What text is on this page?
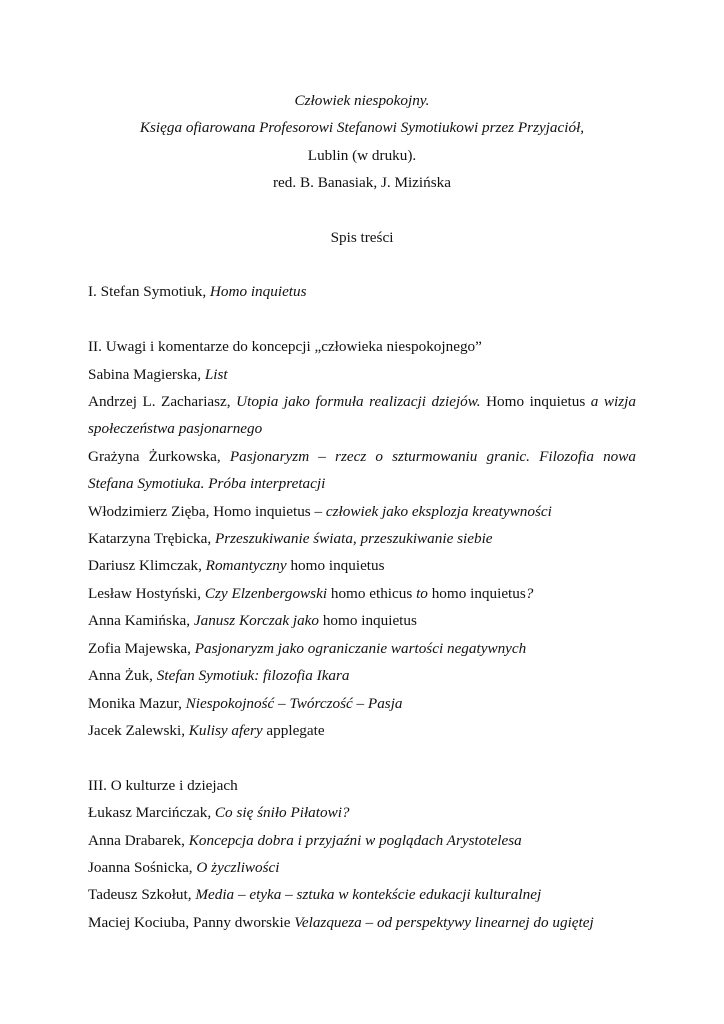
Człowiek niespokojny.
Księga ofiarowana Profesorowi Stefanowi Symotiukowi przez Przyjaciół,
Lublin (w druku).
red. B. Banasiak, J. Mizińska
Spis treści
I. Stefan Symotiuk, Homo inquietus
II. Uwagi i komentarze do koncepcji „człowieka niespokojnego”
Sabina Magierska, List
Andrzej L. Zachariasz, Utopia jako formuła realizacji dziejów. Homo inquietus a wizja społeczeństwa pasjonarnego
Grażyna Żurkowska, Pasjonaryzm – rzecz o szturmowaniu granic. Filozofia nowa Stefana Symotiuka. Próba interpretacji
Włodzimierz Zięba, Homo inquietus – człowiek jako eksplozja kreatywności
Katarzyna Trębicka, Przeszukiwanie świata, przeszukiwanie siebie
Dariusz Klimczak, Romantyczny homo inquietus
Lesław Hostyński, Czy Elzenbergowski homo ethicus to homo inquietus?
Anna Kamińska, Janusz Korczak jako homo inquietus
Zofia Majewska, Pasjonaryzm jako ograniczanie wartości negatywnych
Anna Żuk, Stefan Symotiuk: filozofia Ikara
Monika Mazur, Niespokojność – Twórczość – Pasja
Jacek Zalewski, Kulisy afery applegate
III. O kulturze i dziejach
Łukasz Marcińczak, Co się śniło Piłatowi?
Anna Drabarek, Koncepcja dobra i przyjaźni w poglądach Arystotelesa
Joanna Sośnicka, O życzliwości
Tadeusz Szkołut, Media – etyka – sztuka w kontekście edukacji kulturalnej
Maciej Kociuba, Panny dworskie Velazqueza – od perspektywy linearnej do ugiętej
